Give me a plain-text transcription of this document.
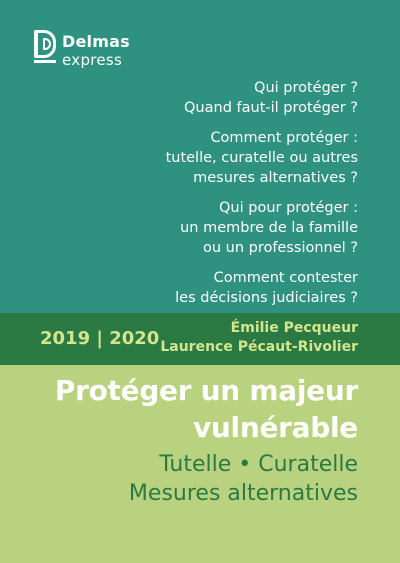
Delmas
express
Qui protéger ?
Quand faut-il protéger ?
Comment protéger :
tutelle, curatelle ou autres
mesures alternatives ?
Qui pour protéger :
un membre de la famille
ou un professionnel ?
Comment contester
les décisions judiciaires ?
2019 | 2020	Émilie Pecqueur
Laurence Pécaut-Rivolier
Protéger un majeur
vulnérable
Tutelle • Curatelle
Mesures alternatives
